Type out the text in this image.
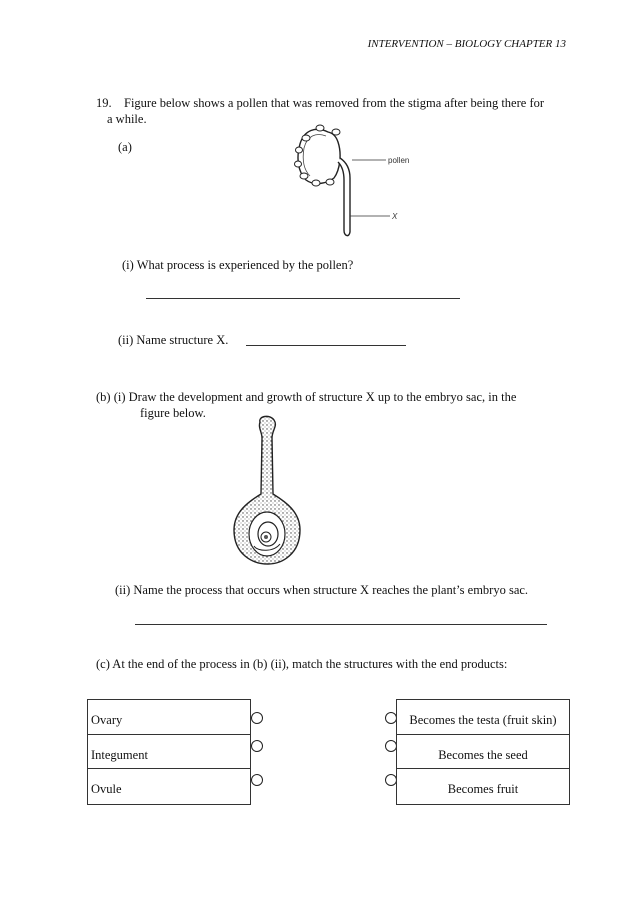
INTERVENTION – BIOLOGY CHAPTER 13
19. Figure below shows a pollen that was removed from the stigma after being there for
a while.
(a)
pollen
X
(i) What process is experienced by the pollen?
(ii) Name structure X.
(b) (i) Draw the development and growth of structure X up to the embryo sac, in the
figure below.
(ii) Name the process that occurs when structure X reaches the plant’s embryo sac.
(c) At the end of the process in (b) (ii), match the structures with the end products:
Ovary
Integument
Ovule
Becomes the testa (fruit skin)
Becomes the seed
Becomes fruit
